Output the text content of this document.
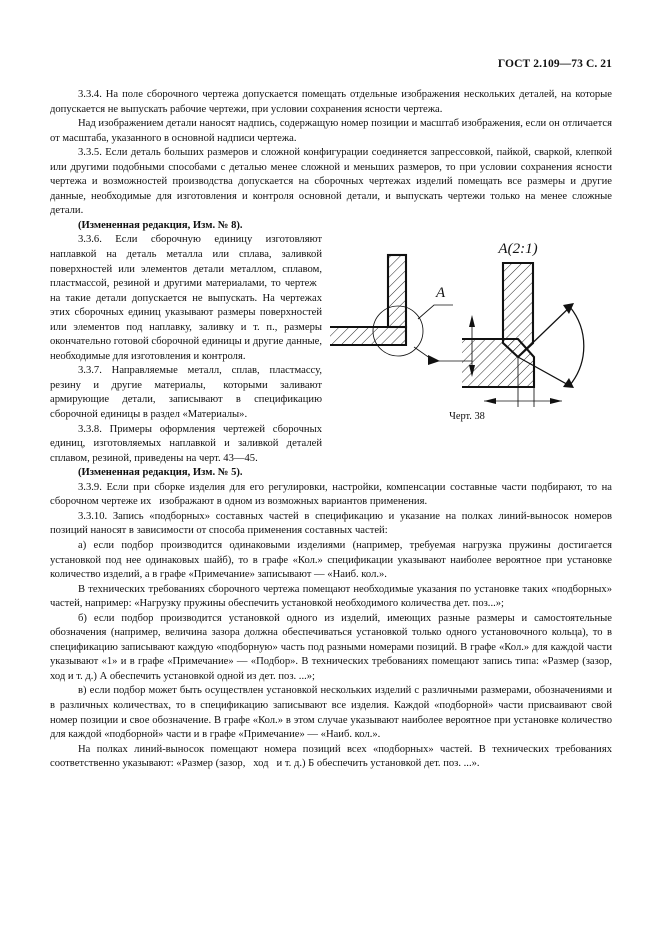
ГОСТ 2.109—73 С. 21

3.3.4. На поле сборочного чертежа допускается помещать отдельные изображения нескольких деталей, на которые допускается не выпускать рабочие чертежи, при условии сохранения ясности чертежа.

Над изображением детали наносят надпись, содержащую номер позиции и масштаб изображения, если он отличается от масштаба, указанного в основной надписи чертежа.

3.3.5. Если деталь больших размеров и сложной конфигурации соединяется запрессовкой, пайкой, сваркой, клепкой или другими подобными способами с деталью менее сложной и меньших размеров, то при условии сохранения ясности чертежа и возможностей производства допускается на сборочных чертежах изделий помещать все размеры и другие данные, необходимые для изготовления и контроля основной детали, и выпускать чертежи только на менее сложные детали.

(Измененная редакция, Изм. № 8).

A
A(2:1)
Черт. 38

3.3.6. Если сборочную единицу изготовляют наплавкой на деталь металла или сплава, заливкой поверхностей или элементов детали металлом, сплавом, пластмассой, резиной и другими материалами, то чертеж  на такие детали допускается не выпускать. На чертежах этих сборочных единиц указывают размеры поверхностей или элементов под наплавку, заливку и т. п., размеры окончательно готовой сборочной единицы и другие данные, необходимые для изготовления и контроля.

3.3.7. Направляемые металл, сплав, пластмассу, резину и другие материалы,  которыми заливают армирующие детали, записывают в спецификацию сборочной единицы в раздел «Материалы».

3.3.8. Примеры оформления чертежей сборочных единиц, изготовляемых наплавкой и заливкой деталей сплавом, резиной, приведены на черт. 43—45.

(Измененная редакция, Изм. № 5).

3.3.9. Если при сборке изделия для его регулировки, настройки, компенсации составные части подбирают, то на сборочном чертеже их  изображают в одном из возможных вариантов применения.

3.3.10. Запись «подборных» составных частей в спецификацию и указание на полках линий-выносок номеров позиций наносят в зависимости от способа применения составных частей:

а) если подбор производится одинаковыми изделиями (например, требуемая нагрузка пружины достигается установкой под нее одинаковых шайб), то в графе «Кол.» спецификации указывают наиболее вероятное при установке количество изделий, а в графе «Примечание» записывают — «Наиб. кол.».

В технических требованиях сборочного чертежа помещают необходимые указания по установке таких «подборных» частей, например: «Нагрузку пружины обеспечить установкой необходимого количества дет. поз...»;

б) если подбор производится установкой одного из изделий, имеющих разные размеры и самостоятельные обозначения (например, величина зазора должна обеспечиваться установкой только одного установочного кольца), то в спецификацию записывают каждую «подборную» часть под разными номерами позиций. В графе «Кол.» для каждой части указывают «1» и в графе «Примечание» — «Подбор». В технических требованиях помещают запись типа: «Размер (зазор, ход и т. д.) А обеспечить установкой одной из дет. поз. ...»;

в) если подбор может быть осуществлен установкой нескольких изделий с различными размерами, обозначениями и в различных количествах, то в спецификацию записывают все изделия. Каждой «подборной» части присваивают свой номер позиции и свое обозначение. В графе «Кол.» в этом случае указывают наиболее вероятное при установке количество для каждой «подборной» части и в графе «Примечание» — «Наиб. кол.».

На полках линий-выносок помещают номера позиций всех «подборных» частей. В технических требованиях соответственно указывают: «Размер (зазор,  ход  и т. д.) Б обеспечить установкой дет. поз. ...».
